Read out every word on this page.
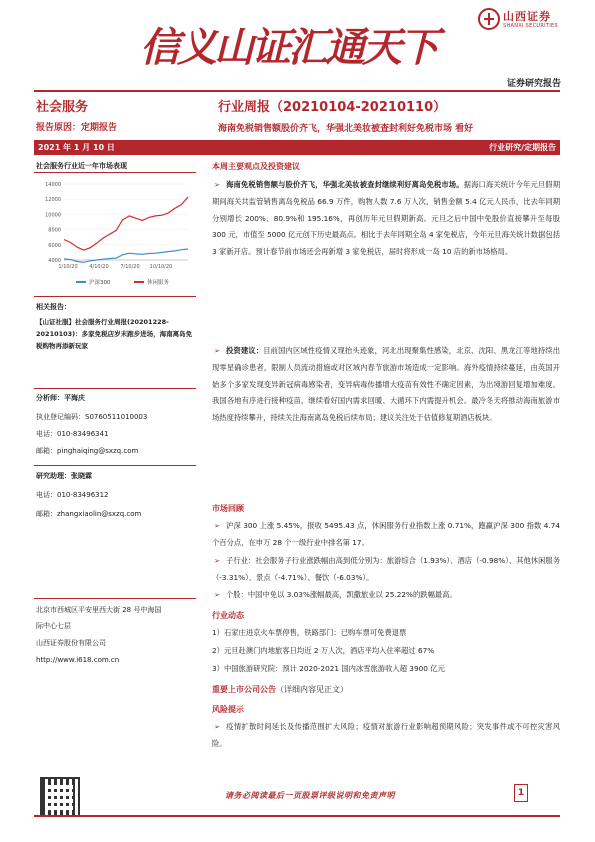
信义山证汇通天下
山西证券
SHANXI SECURITIES
证券研究报告
社会服务	行业周报（20210104-20210110）
报告原因：定期报告	海南免税销售额股价齐飞，华强北美妆被查封利好免税市场 看好
2021 年 1 月 10 日	行业研究/定期报告
社会服务行业近一年市场表现
4000
6000
8000
10000
12000
14000
1/10/20 4/10/20 7/10/20 10/10/20
沪深300	休闲服务
相关报告：
【山证社服】社会服务行业周报(20201228-20210103)：多家免税店岁末跑步进场，海南离岛免税购物再添新玩家
分析师：平海庆
执业登记编码：S0760511010003
电话：010-83496341
邮箱：pinghaiqing@sxzq.com
研究助理：张晓霖
电话：010-83496312
邮箱：zhangxiaolin@sxzq.com
北京市西城区平安里西大街 28 号中海国
际中心七层
山西证券股份有限公司
http://www.i618.com.cn
本周主要观点及投资建议
➢ 海南免税销售额与股价齐飞，华强北美妆被查封继续利好离岛免税市场。据海口海关统计今年元旦假期期间海关共监管销售离岛免税品 66.9 万件，购物人数 7.6 万人次，销售金额 5.4 亿元人民币，比去年同期分别增长 200%、80.9%和 195.16%，再创历年元旦假期新高。元旦之后中国中免股价直接攀升至每股 300 元，市值至 5000 亿元创下历史最高点。相比于去年同期全岛 4 家免税店，今年元旦海关统计数据包括 3 家新开店。预计春节前市场还会再新增 3 家免税店，届时将形成一岛 10 店的新市场格局。
➢ 投资建议：目前国内区域性疫情又现抬头迹象，河北出现聚集性感染，北京、沈阳、黑龙江等地持续出现零星确诊患者，限制人员流动措施或对区域内春节旅游市场造成一定影响。海外疫情持续蔓延，由英国开始多个多家发现变异新冠病毒感染者，变异病毒传播增大疫苗有效性不确定因素，为出境游回复增加难度。我国各地有序进行接种疫苗，继续看好国内需求回暖、大循环下内需提升机会。最冷冬天将推动海南旅游市场热度持续攀升，持续关注海南离岛免税后续布局；建议关注处于估值修复期酒店板块。
市场回顾
➢ 沪深 300 上涨 5.45%，报收 5495.43 点，休闲服务行业指数上涨 0.71%，跑赢沪深 300 指数 4.74 个百分点，在申万 28 个一级行业中排名第 17。
➢ 子行业：社会服务子行业涨跌幅由高到低分别为：旅游综合（1.93%）、酒店（-0.98%）、其他休闲服务（-3.31%）、景点（-4.71%）、餐饮（-6.03%）。
➢ 个股：中国中免以 3.03%涨幅最高，凯撒旅业以 25.22%的跌幅最高。
行业动态
1）石家庄进京火车票停售，铁路部门：已购车票可免费退票
2）元旦赴澳门内地旅客日均近 2 万人次，酒店平均入住率超过 67%
3）中国旅游研究院：预计 2020-2021 国内冰雪旅游收入超 3900 亿元
重要上市公司公告（详细内容见正文）
风险提示
➢ 疫情扩散时间延长及传播范围扩大风险；疫情对旅游行业影响超预期风险；突发事件或不可控灾害风险。
请务必阅读最后一页股票评级说明和免责声明	1
